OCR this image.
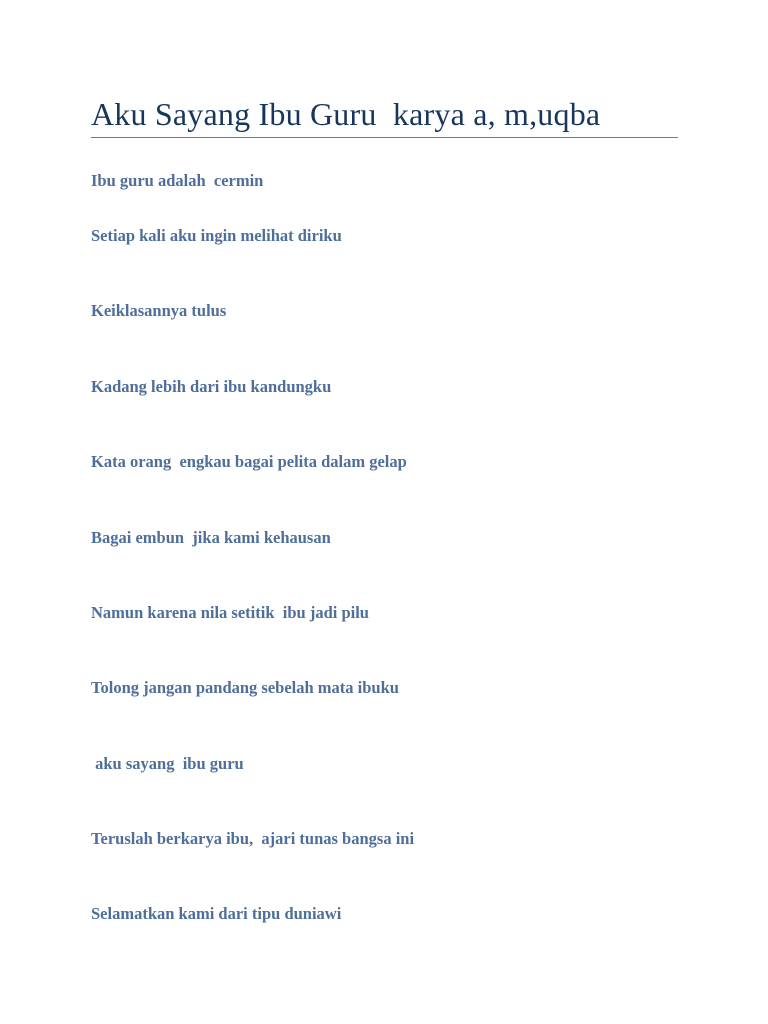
Aku Sayang Ibu Guru  karya a, m,uqba

Ibu guru adalah  cermin

Setiap kali aku ingin melihat diriku

Keiklasannya tulus

Kadang lebih dari ibu kandungku

Kata orang  engkau bagai pelita dalam gelap

Bagai embun  jika kami kehausan

Namun karena nila setitik  ibu jadi pilu

Tolong jangan pandang sebelah mata ibuku

aku sayang  ibu guru

Teruslah berkarya ibu,  ajari tunas bangsa ini

Selamatkan kami dari tipu duniawi
